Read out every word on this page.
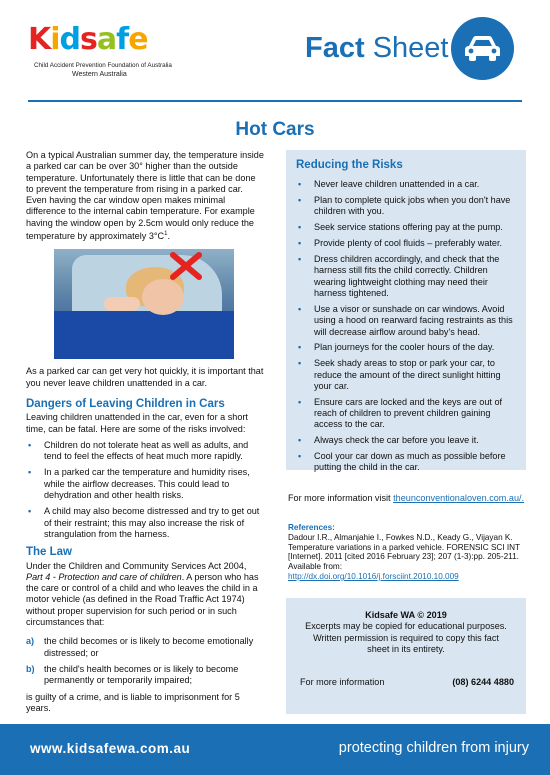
Kidsafe
Child Accident Prevention Foundation of Australia
Western Australia
Fact Sheet
Hot Cars

On a typical Australian summer day, the temperature inside a parked car can be over 30° higher than the outside temperature. Unfortunately there is little that can be done to prevent the temperature from rising in a parked car. Even having the car window open makes minimal difference to the internal cabin temperature. For example having the window open by 2.5cm would only reduce the temperature by approximately $3^\circ C^1$.

As a parked car can get very hot quickly, it is important that you never leave children unattended in a car.

Dangers of Leaving Children in Cars

Leaving children unattended in the car, even for a short time, can be fatal. Here are some of the risks involved:

• Children do not tolerate heat as well as adults, and tend to feel the effects of heat much more rapidly.
• In a parked car the temperature and humidity rises, while the airflow decreases. This could lead to dehydration and other health risks.
• A child may also become distressed and try to get out of their restraint; this may also increase the risk of strangulation from the harness.
The Law

Under the Children and Community Services Act 2004, Part 4 - Protection and care of children. A person who has the care or control of a child and who leaves the child in a motor vehicle (as defined in the Road Traffic Act 1974) without proper supervision for such period or in such circumstances that:

a) the child becomes or is likely to become emotionally distressed; or
b) the child's health becomes or is likely to become permanently or temporarily impaired;

is guilty of a crime, and is liable to imprisonment for 5 years.

Reducing the Risks
• Never leave children unattended in a car.
• Plan to complete quick jobs when you don't have children with you.
• Seek service stations offering pay at the pump.
• Provide plenty of cool fluids – preferably water.
• Dress children accordingly, and check that the harness still fits the child correctly. Children wearing lightweight clothing may need their harness tightened.
• Use a visor or sunshade on car windows. Avoid using a hood on rearward facing restraints as this will decrease airflow around baby's head.
• Plan journeys for the cooler hours of the day.
• Seek shady areas to stop or park your car, to reduce the amount of the direct sunlight hitting your car.
• Ensure cars are locked and the keys are out of reach of children to prevent children gaining access to the car.
• Always check the car before you leave it.
• Cool your car down as much as possible before putting the child in the car.
For more information visit theunconventionaloven.com.au/.
References:
Dadour I.R., Almanjahie I., Fowkes N.D., Keady G., Vijayan K. Temperature variations in a parked vehicle. FORENSIC SCI INT [Internet]. 2011 [cited 2016 February 23]; 207 (1-3):pp. 205-211. Available from:
http://dx.doi.org/10.1016/j.forsciint.2010.10.009
Kidsafe WA © 2019
Excerpts may be copied for educational purposes.
Written permission is required to copy this fact sheet in its entirety.
For more information	(08) 6244 4880
www.kidsafewa.com.au	protecting children from injury
